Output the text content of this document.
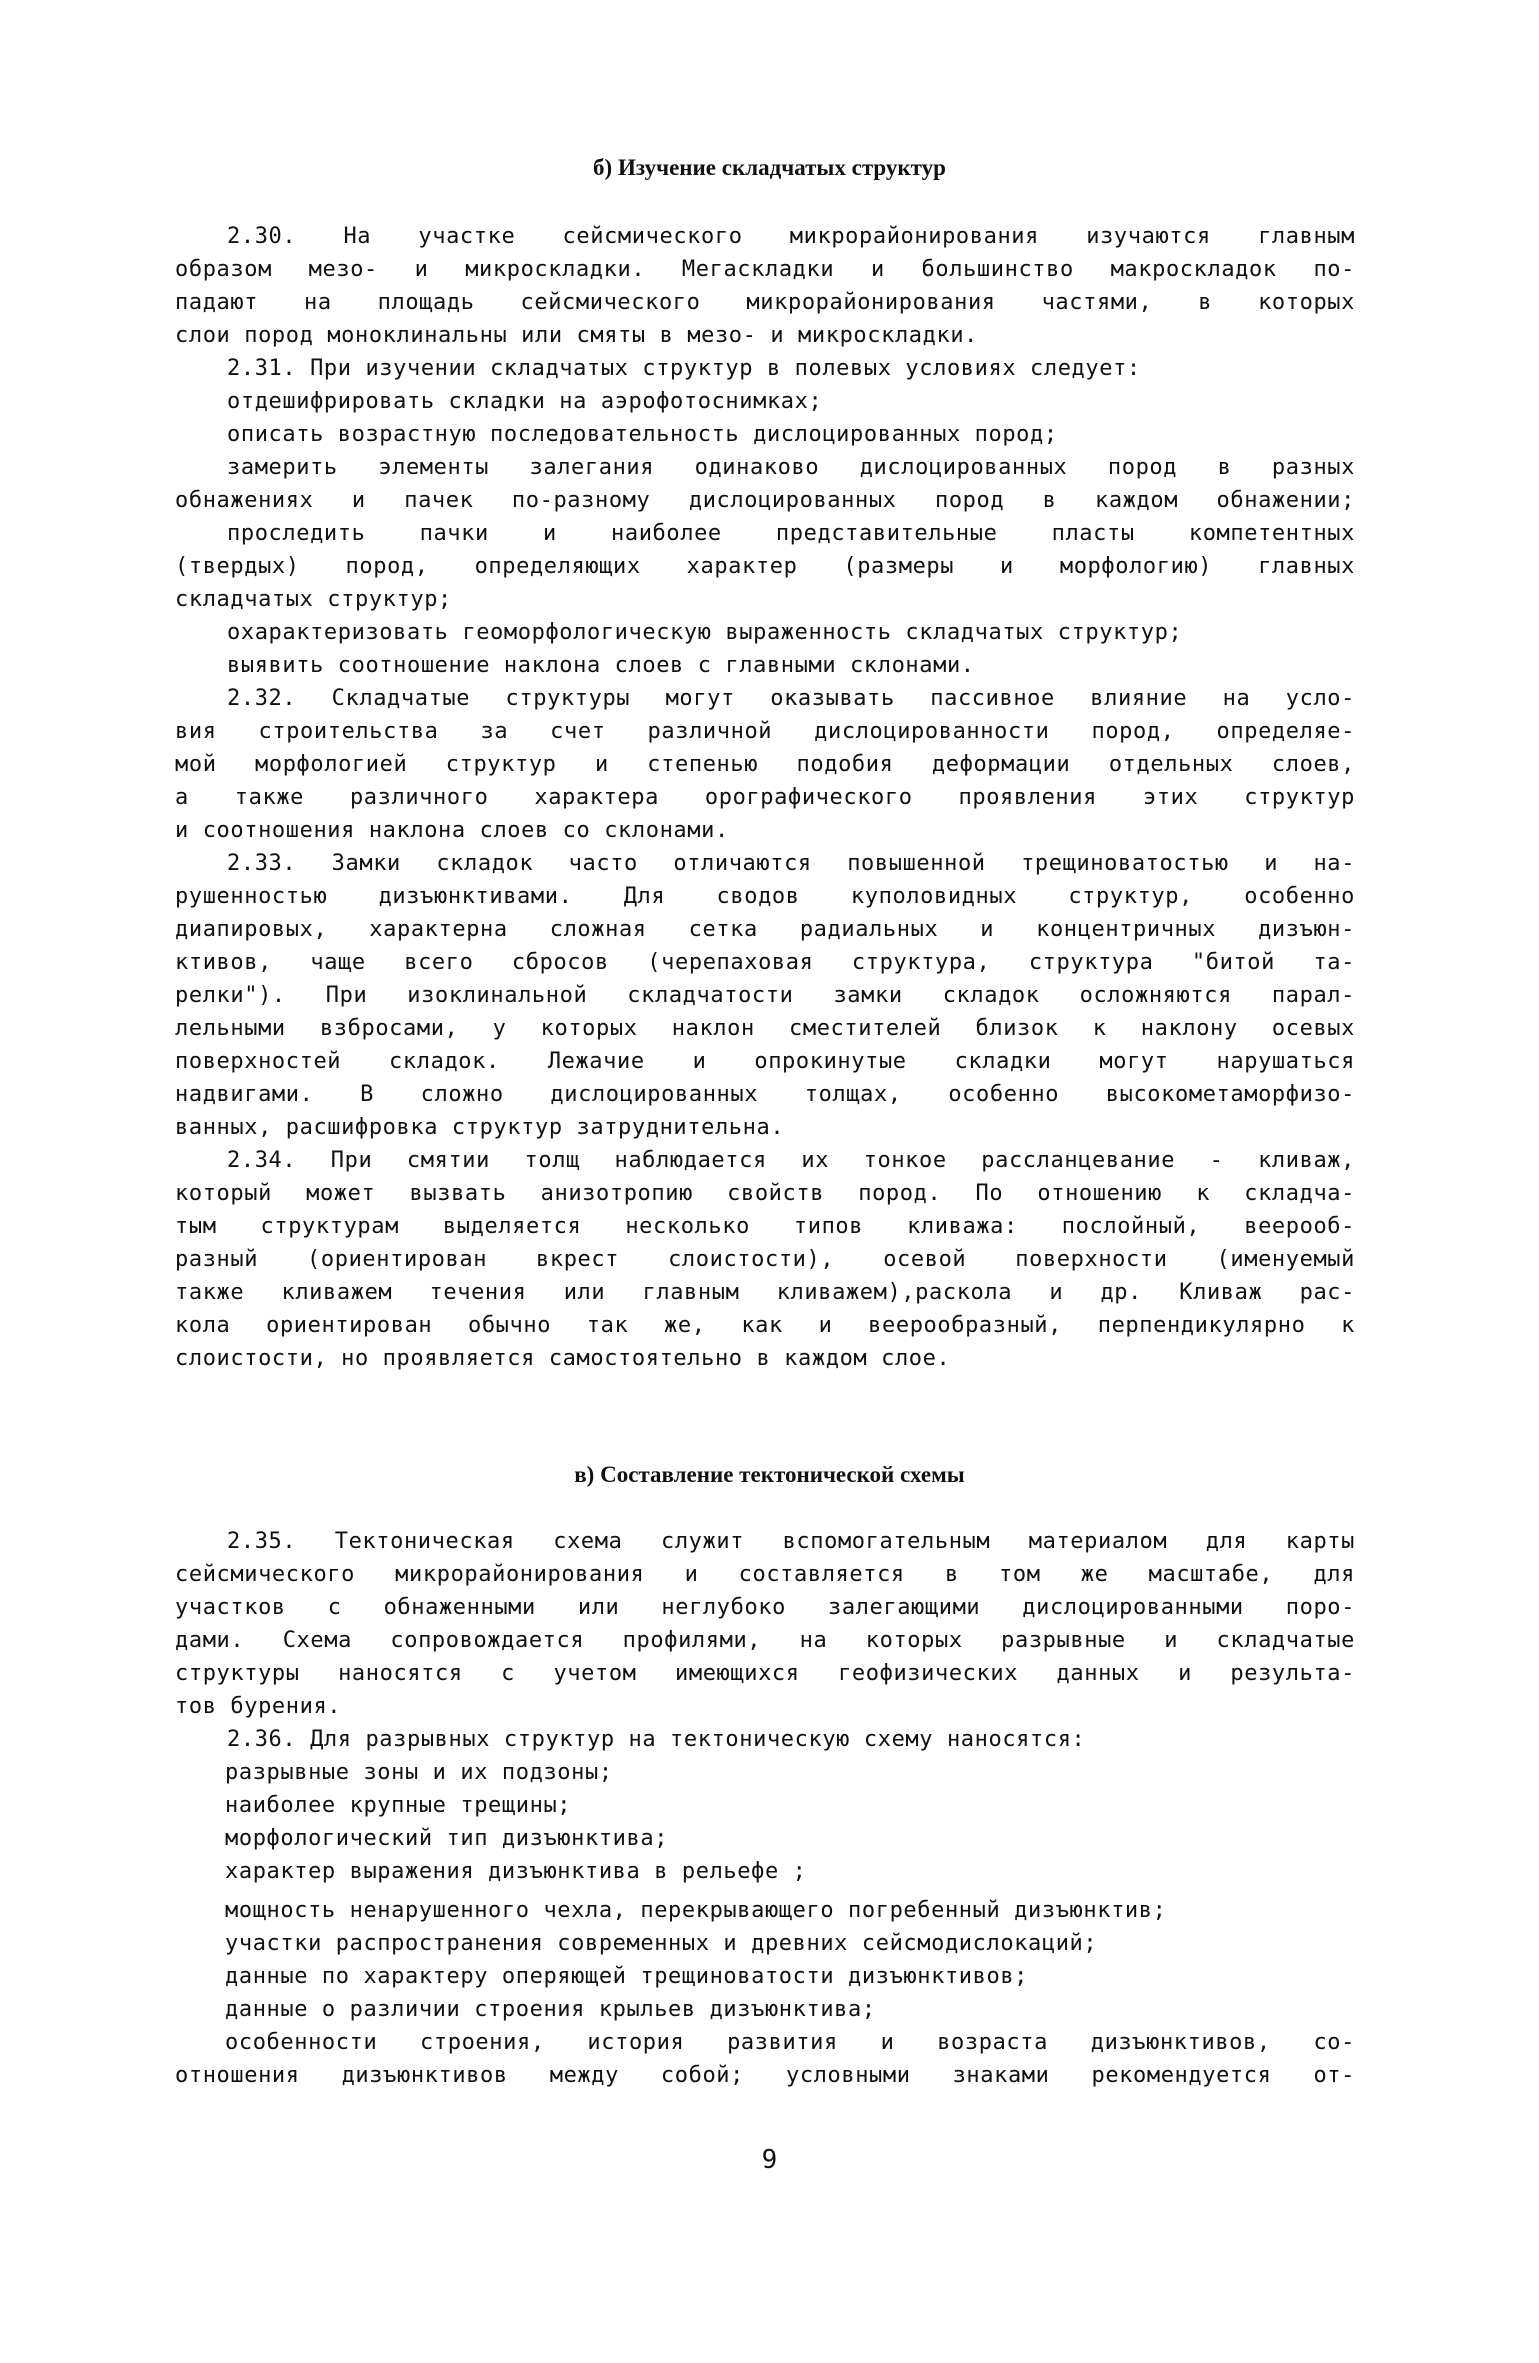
б) Изучение складчатых структур
2.30. На участке сейсмического микрорайонирования изучаются главным
образом мезо- и микроскладки. Мегаскладки и большинство макроскладок по-
падают на площадь сейсмического микрорайонирования частями, в которых
слои пород моноклинальны или смяты в мезо- и микроскладки.
2.31. При изучении складчатых структур в полевых условиях следует:
отдешифрировать складки на аэрофотоснимках;
описать возрастную последовательность дислоцированных пород;
замерить элементы залегания одинаково дислоцированных пород в разных
обнажениях и пачек по-разному дислоцированных пород в каждом обнажении;
проследить пачки и наиболее представительные пласты компетентных
(твердых) пород, определяющих характер (размеры и морфологию) главных
складчатых структур;
охарактеризовать геоморфологическую выраженность складчатых структур;
выявить соотношение наклона слоев с главными склонами.
2.32. Складчатые структуры могут оказывать пассивное влияние на усло-
вия строительства за счет различной дислоцированности пород, определяе-
мой морфологией структур и степенью подобия деформации отдельных слоев,
а также различного характера орографического проявления этих структур
и соотношения наклона слоев со склонами.
2.33. Замки складок часто отличаются повышенной трещиноватостью и на-
рушенностью дизъюнктивами. Для сводов куполовидных структур, особенно
диапировых, характерна сложная сетка радиальных и концентричных дизъюн-
ктивов, чаще всего сбросов (черепаховая структура, структура "битой та-
релки"). При изоклинальной складчатости замки складок осложняются парал-
лельными взбросами, у которых наклон сместителей близок к наклону осевых
поверхностей складок. Лежачие и опрокинутые складки могут нарушаться
надвигами. В сложно дислоцированных толщах, особенно высокометаморфизо-
ванных, расшифровка структур затруднительна.
2.34. При смятии толщ наблюдается их тонкое рассланцевание - кливаж,
который может вызвать анизотропию свойств пород. По отношению к складча-
тым структурам выделяется несколько типов кливажа: послойный, веерооб-
разный (ориентирован вкрест слоистости), осевой поверхности (именуемый
также кливажем течения или главным кливажем),раскола и др. Кливаж рас-
кола ориентирован обычно так же, как и веерообразный, перпендикулярно к
слоистости, но проявляется самостоятельно в каждом слое.
в) Составление тектонической схемы
2.35. Тектоническая схема служит вспомогательным материалом для карты
сейсмического микрорайонирования и составляется в том же масштабе, для
участков с обнаженными или неглубоко залегающими дислоцированными поро-
дами. Схема сопровождается профилями, на которых разрывные и складчатые
структуры наносятся с учетом имеющихся геофизических данных и результа-
тов бурения.
2.36. Для разрывных структур на тектоническую схему наносятся:
разрывные зоны и их подзоны;
наиболее крупные трещины;
морфологический тип дизъюнктива;
характер выражения дизъюнктива в рельефе ;
мощность ненарушенного чехла, перекрывающего погребенный дизъюнктив;
участки распространения современных и древних сейсмодислокаций;
данные по характеру оперяющей трещиноватости дизъюнктивов;
данные о различии строения крыльев дизъюнктива;
особенности строения, история развития и возраста дизъюнктивов, со-
отношения дизъюнктивов между собой; условными знаками рекомендуется от-
9
